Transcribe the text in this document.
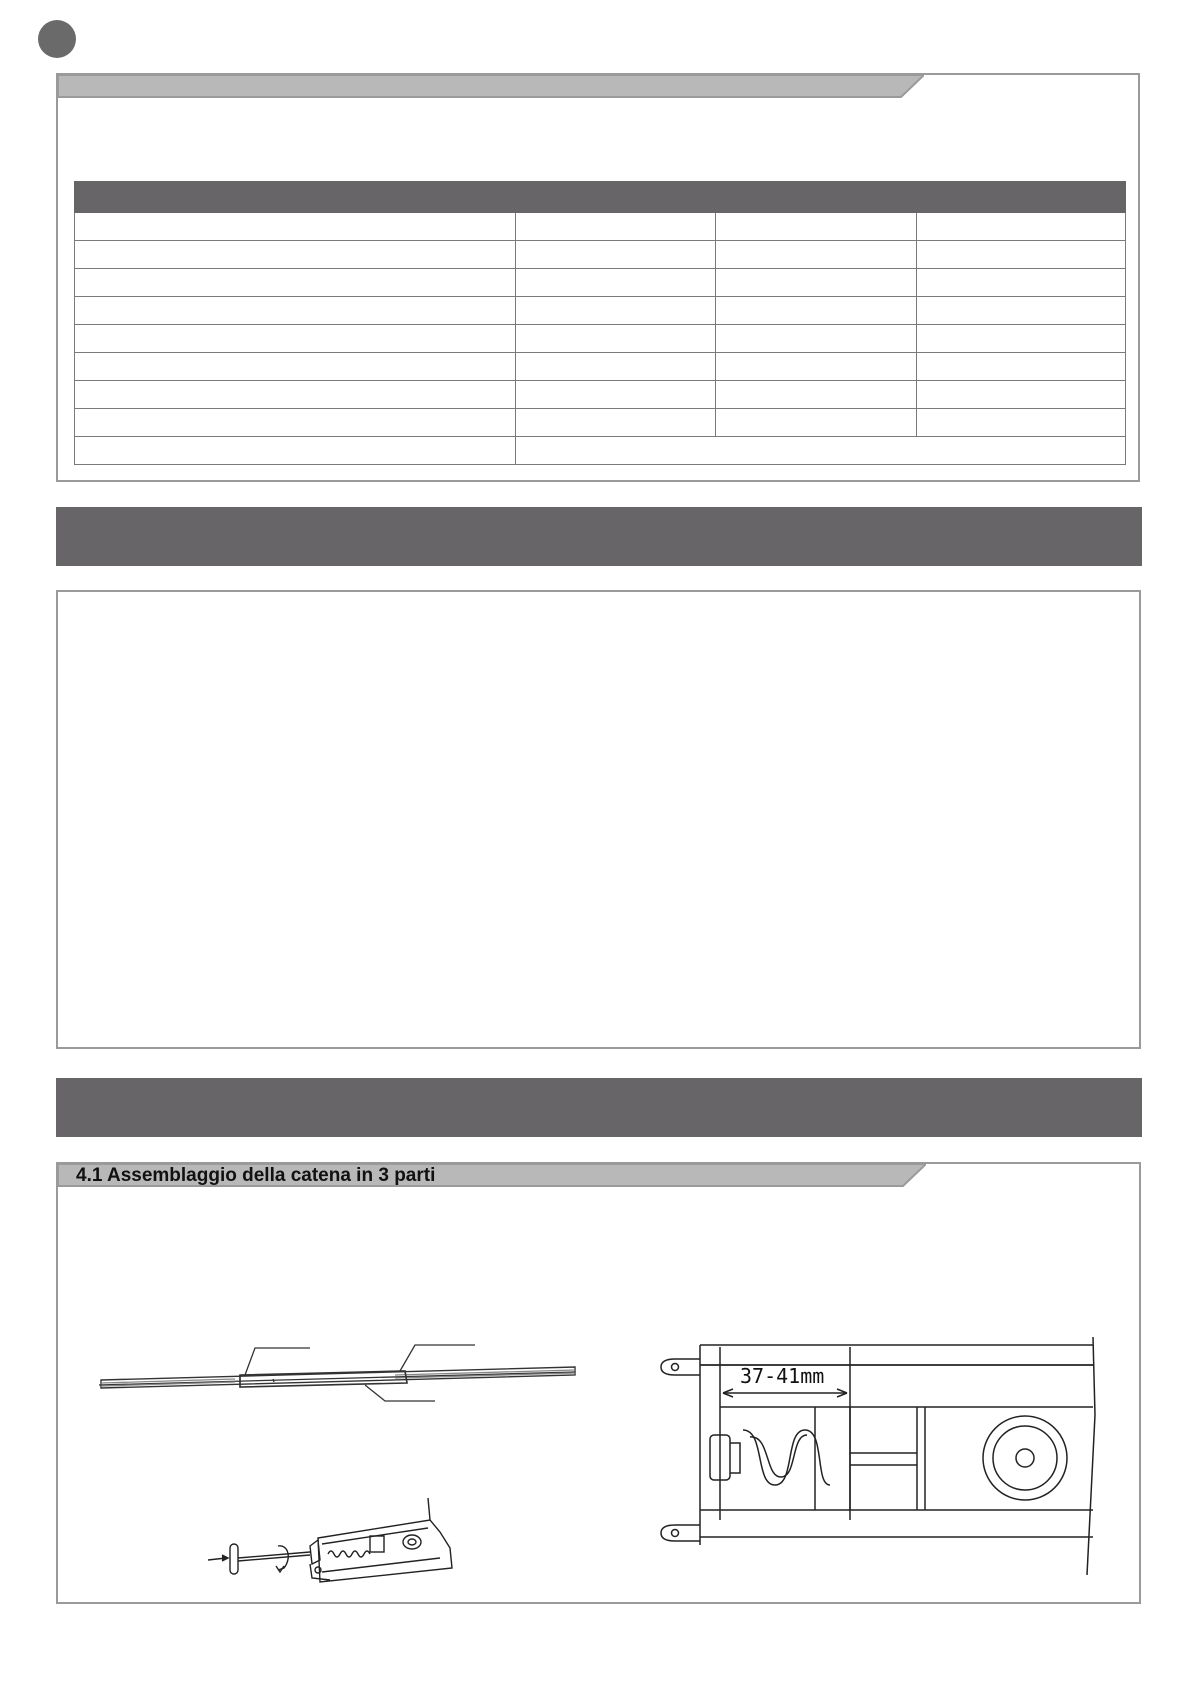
4.1 Assemblaggio della catena in 3 parti
37-41mm
